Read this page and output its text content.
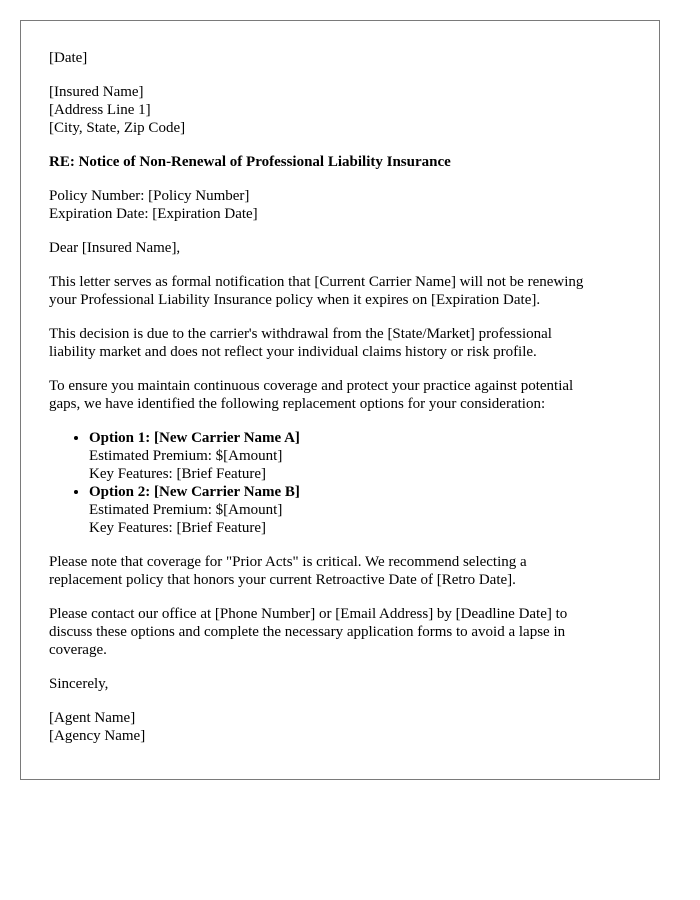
[Date]
[Insured Name]
[Address Line 1]
[City, State, Zip Code]
RE: Notice of Non-Renewal of Professional Liability Insurance
Policy Number: [Policy Number]
Expiration Date: [Expiration Date]
Dear [Insured Name],

This letter serves as formal notification that [Current Carrier Name] will not be renewing
your Professional Liability Insurance policy when it expires on [Expiration Date].

This decision is due to the carrier's withdrawal from the [State/Market] professional
liability market and does not reflect your individual claims history or risk profile.

To ensure you maintain continuous coverage and protect your practice against potential
gaps, we have identified the following replacement options for your consideration:

• Option 1: [New Carrier Name A]
Estimated Premium: $[Amount]
Key Features: [Brief Feature]
• Option 2: [New Carrier Name B]
Estimated Premium: $[Amount]
Key Features: [Brief Feature]

Please note that coverage for "Prior Acts" is critical. We recommend selecting a
replacement policy that honors your current Retroactive Date of [Retro Date].

Please contact our office at [Phone Number] or [Email Address] by [Deadline Date] to
discuss these options and complete the necessary application forms to avoid a lapse in
coverage.

Sincerely,
[Agent Name]
[Agency Name]
